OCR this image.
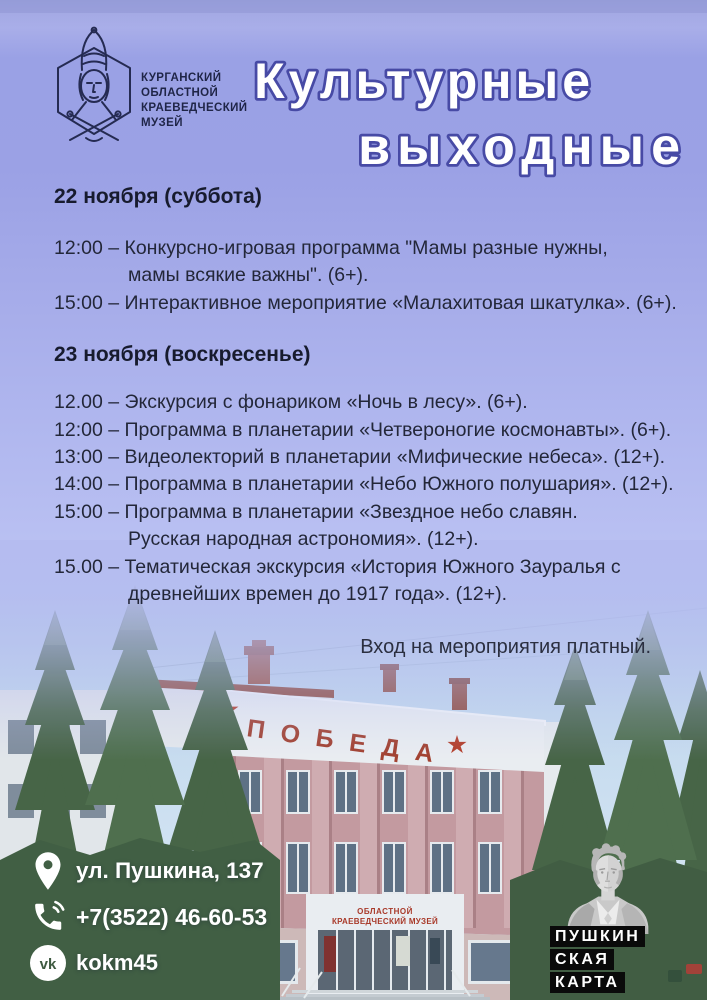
КУРГАНСКИЙ
ОБЛАСТНОЙ
КРАЕВЕДЧЕСКИЙ
МУЗЕЙ
Культурные
выходные
22 ноября (суббота)
12:00 – Конкурсно-игровая программа "Мамы разные нужны,
мамы всякие важны". (6+).
15:00 – Интерактивное мероприятие «Малахитовая шкатулка». (6+).
23 ноября (воскресенье)
12.00 – Экскурсия с фонариком «Ночь в лесу». (6+).
12:00 – Программа в планетарии «Четвероногие космонавты». (6+).
13:00 – Видеолекторий в планетарии «Мифические небеса». (12+).
14:00 – Программа в планетарии «Небо Южного полушария». (12+).
15:00 – Программа в планетарии «Звездное небо славян.
Русская народная астрономия». (12+).
15.00 – Тематическая экскурсия «История Южного Зауралья с
древнейших времен до 1917 года». (12+).
Вход на мероприятия платный.
ОБЛАСТНОЙ
КРАЕВЕДЧЕСКИЙ МУЗЕЙ
ул. Пушкина, 137
+7(3522) 46-60-53
vk kokm45
ПУШКИН
СКАЯ
КАРТА
